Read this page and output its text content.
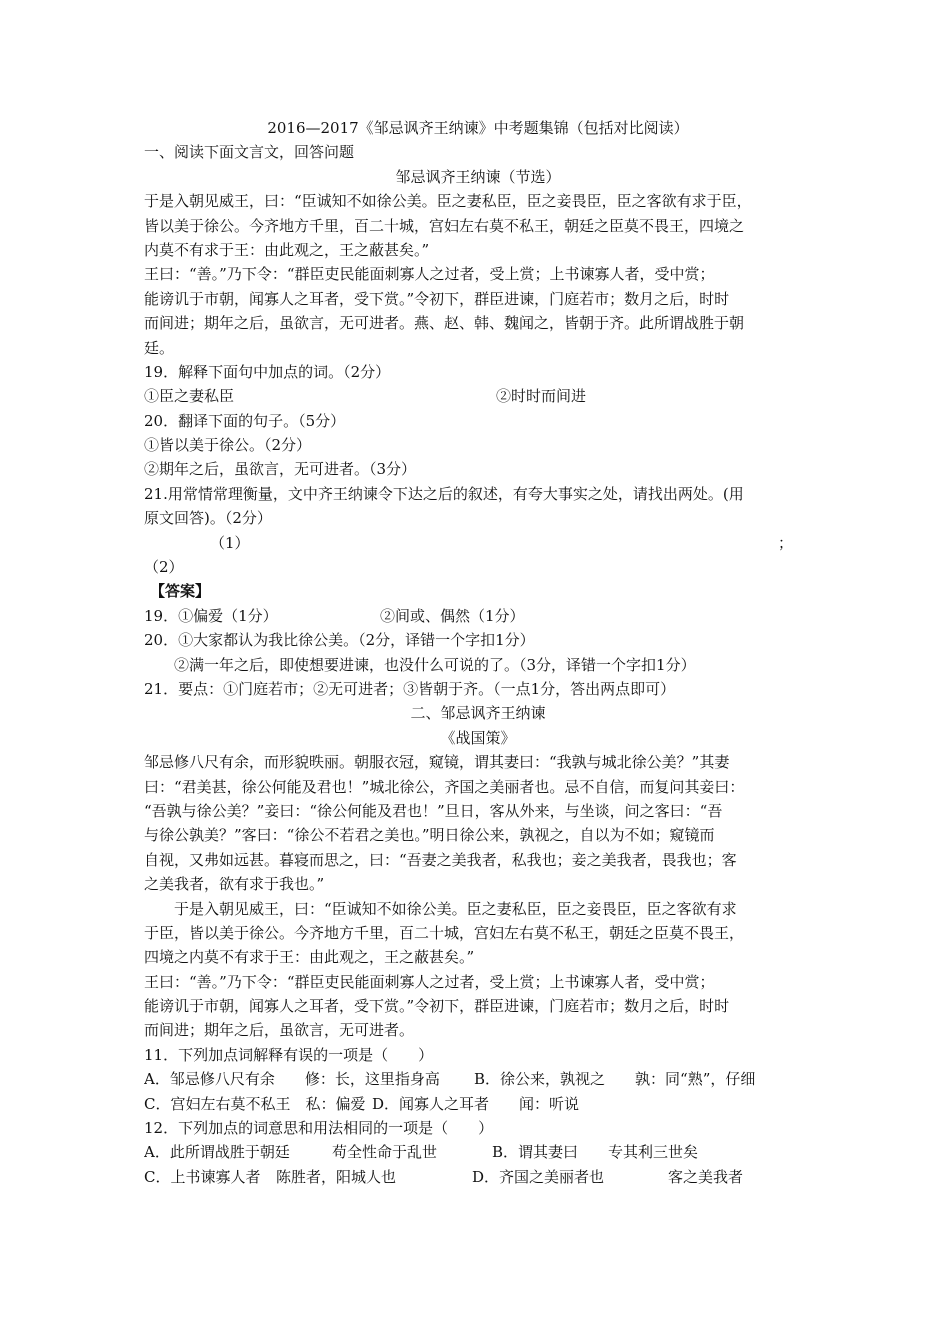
2016—2017《邹忌讽齐王纳谏》中考题集锦（包括对比阅读）
一、阅读下面文言文，回答问题
邹忌讽齐王纳谏（节选）
于是入朝见威王，曰：“臣诚知不如徐公美。臣之妻私臣，臣之妾畏臣，臣之客欲有求于臣，
皆以美于徐公。今齐地方千里，百二十城，宫妇左右莫不私王，朝廷之臣莫不畏王，四境之
内莫不有求于王：由此观之，王之蔽甚矣。”
王曰：“善。”乃下令：“群臣吏民能面刺寡人之过者，受上赏；上书谏寡人者，受中赏；
能谤讥于市朝，闻寡人之耳者，受下赏。”令初下，群臣进谏，门庭若市；数月之后，时时
而间进；期年之后，虽欲言，无可进者。燕、赵、韩、魏闻之，皆朝于齐。此所谓战胜于朝
廷。
19．解释下面句中加点的词。（2分）
①臣之妻私臣	②时时而间进
20．翻译下面的句子。（5分）
①皆以美于徐公。（2分）
②期年之后，虽欲言，无可进者。（3分）
21.用常情常理衡量，文中齐王纳谏令下达之后的叙述，有夸大事实之处，请找出两处。(用
原文回答)。（2分）
（1）	；
（2）
【答案】
19．①偏爱（1分）	②间或、偶然（1分）
20．①大家都认为我比徐公美。（2分，译错一个字扣1分）
②满一年之后，即使想要进谏，也没什么可说的了。（3分，译错一个字扣1分）
21．要点：①门庭若市；②无可进者；③皆朝于齐。（一点1分，答出两点即可）
二、邹忌讽齐王纳谏
《战国策》
邹忌修八尺有余，而形貌昳丽。朝服衣冠，窥镜，谓其妻曰：“我孰与城北徐公美？”其妻
曰：“君美甚，徐公何能及君也！”城北徐公，齐国之美丽者也。忌不自信，而复问其妾曰：
“吾孰与徐公美？”妾曰：“徐公何能及君也！”旦日，客从外来，与坐谈，问之客曰：“吾
与徐公孰美？”客曰：“徐公不若君之美也。”明日徐公来，孰视之，自以为不如；窥镜而
自视，又弗如远甚。暮寝而思之，曰：“吾妻之美我者，私我也；妾之美我者，畏我也；客
之美我者，欲有求于我也。”
于是入朝见威王，曰：“臣诚知不如徐公美。臣之妻私臣，臣之妾畏臣，臣之客欲有求
于臣，皆以美于徐公。今齐地方千里，百二十城，宫妇左右莫不私王，朝廷之臣莫不畏王，
四境之内莫不有求于王：由此观之，王之蔽甚矣。”
王曰：“善。”乃下令：“群臣吏民能面刺寡人之过者，受上赏；上书谏寡人者，受中赏；
能谤讥于市朝，闻寡人之耳者，受下赏。”令初下，群臣进谏，门庭若市；数月之后，时时
而间进；期年之后，虽欲言，无可进者。
11．下列加点词解释有误的一项是（　　）
A．邹忌修八尺有余　　修：长，这里指身高	B．徐公来，孰视之　　孰：同“熟”，仔细
C．宫妇左右莫不私王　私：偏爱 D．闻寡人之耳者　　闻：听说
12．下列加点的词意思和用法相同的一项是（　　）
A．此所谓战胜于朝廷	苟全性命于乱世	B．谓其妻曰	专其利三世矣
C．上书谏寡人者	陈胜者，阳城人也	D．齐国之美丽者也	客之美我者
